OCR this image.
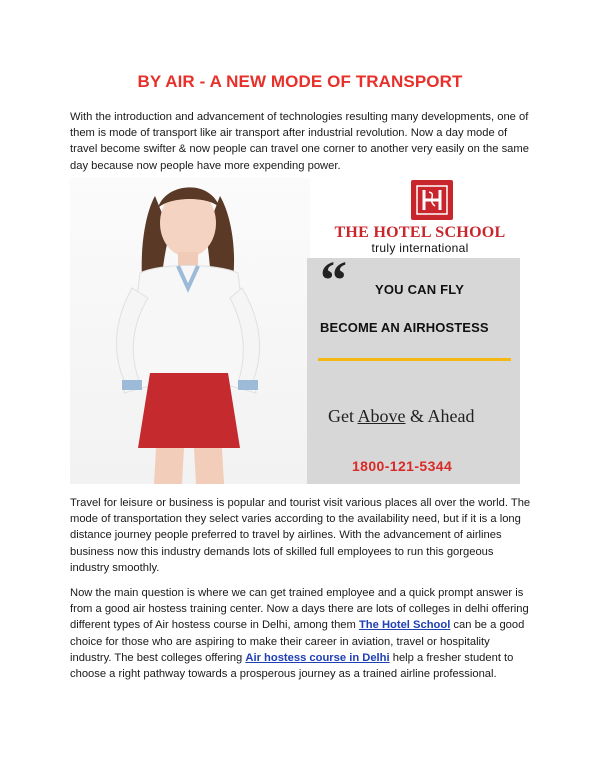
BY AIR - A NEW MODE OF TRANSPORT

With the introduction and advancement of technologies resulting many developments, one of them is mode of transport like air transport after industrial revolution. Now a day mode of travel become swifter & now people can travel one corner to another very easily on the same day because now people have more expending power.

THE HOTEL SCHOOL
truly international
“ YOU CAN FLY
BECOME AN AIRHOSTESS
Get Above & Ahead
1800-121-5344

Travel for leisure or business is popular and tourist visit various places all over the world. The mode of transportation they select varies according to the availability need, but if it is a long distance journey people preferred to travel by airlines. With the advancement of airlines business now this industry demands lots of skilled full employees to run this gorgeous industry smoothly.

Now the main question is where we can get trained employee and a quick prompt answer is from a good air hostess training center. Now a days there are lots of colleges in delhi offering different types of Air hostess course in Delhi, among them The Hotel School can be a good choice for those who are aspiring to make their career in aviation, travel or hospitality industry. The best colleges offering Air hostess course in Delhi help a fresher student to choose a right pathway towards a prosperous journey as a trained airline professional.
